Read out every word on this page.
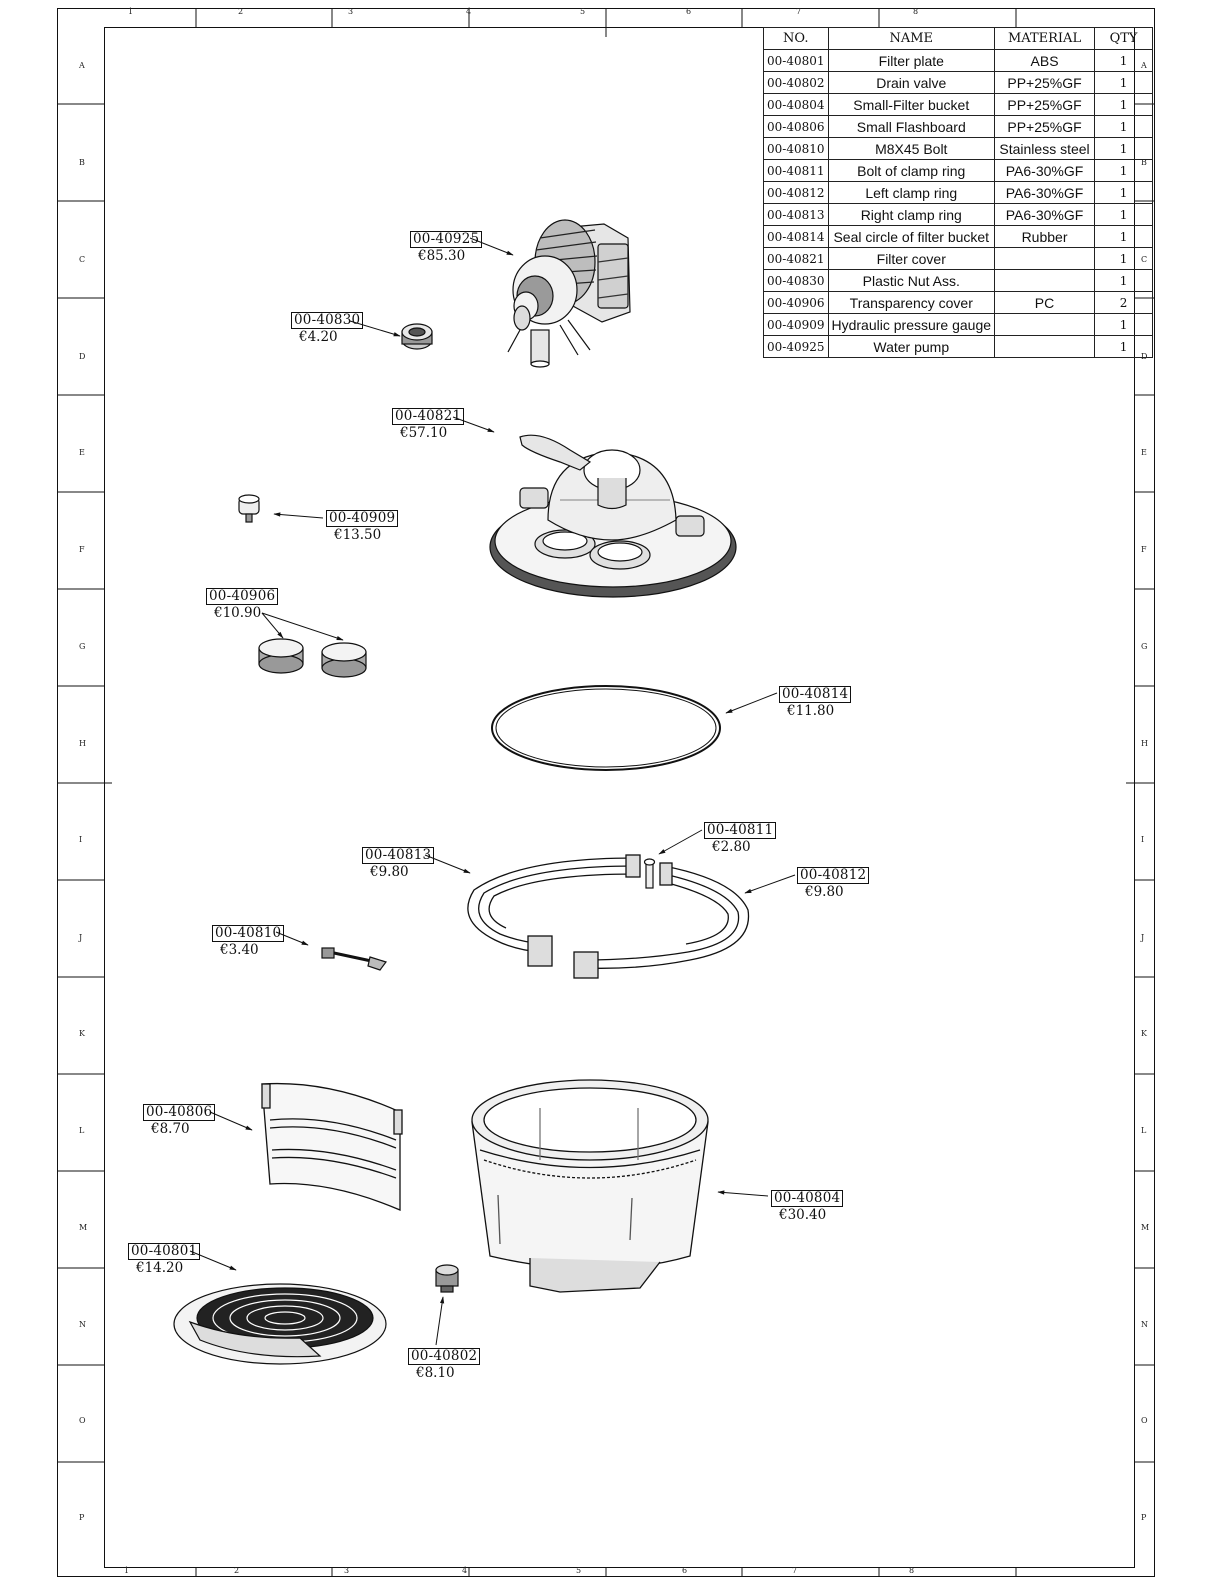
NO.	NAME	MATERIAL	QTY
00-40801	Filter plate	ABS	1
00-40802	Drain valve	PP+25%GF	1
00-40804	Small-Filter bucket	PP+25%GF	1
00-40806	Small Flashboard	PP+25%GF	1
00-40810	M8X45 Bolt	Stainless steel	1
00-40811	Bolt of clamp ring	PA6-30%GF	1
00-40812	Left clamp ring	PA6-30%GF	1
00-40813	Right clamp ring	PA6-30%GF	1
00-40814	Seal circle of filter bucket	Rubber	1
00-40821	Filter cover		1
00-40830	Plastic Nut Ass.		1
00-40906	Transparency cover	PC	2
00-40909	Hydraulic pressure gauge		1
00-40925	Water pump		1
00-40925
€85.30
00-40830
€4.20
00-40821
€57.10
00-40909
€13.50
00-40906
€10.90
00-40814
€11.80
00-40811
€2.80
00-40813
€9.80	00-40812
€9.80
00-40810
€3.40
00-40806
€8.70
00-40804
€30.40
00-40801
€14.20
00-40802
€8.10
1
1
2
2
3
3
4
4
5
5
6
6
7
7
8
8
A	A
B	B
C	C
D	D
E	E
F	F
G	G
H	H
I	I
J	J
K	K
L	L
M	M
N	N
O	O
P	P
